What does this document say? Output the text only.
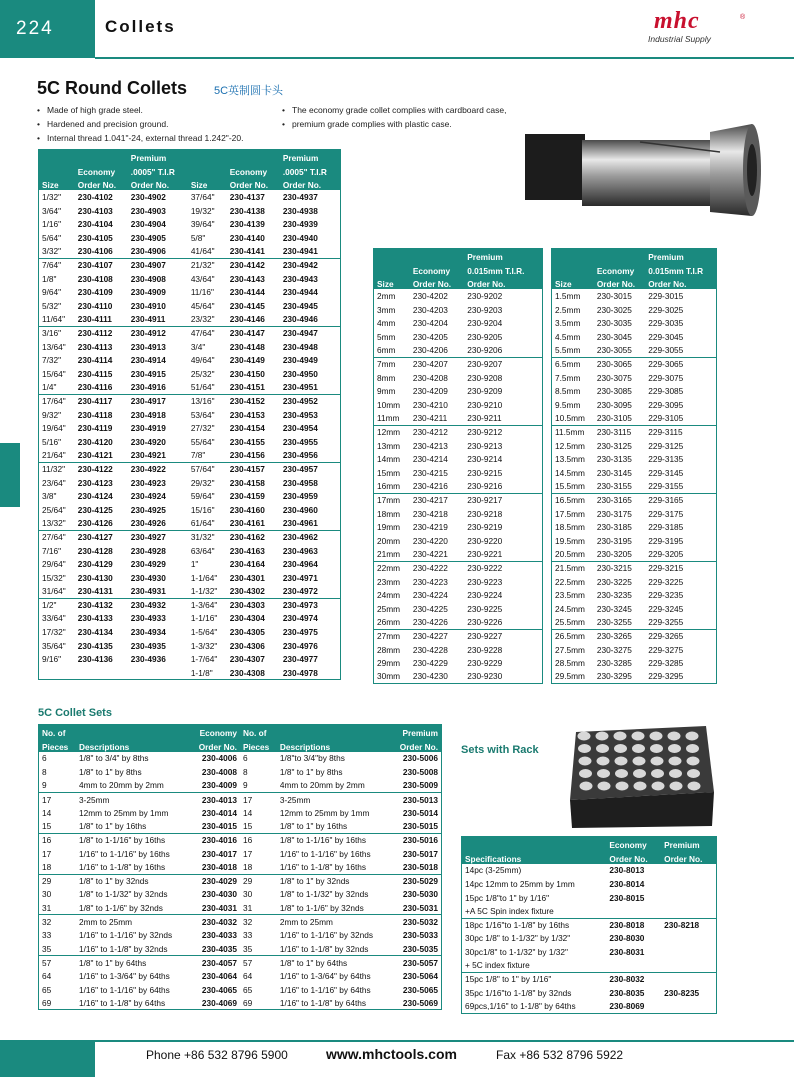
224	Collets	mhc	®
Industrial Supply
5C Round Collets 5C英制圆卡头
• Made of high grade steel.
• Hardened and precision ground.
• Internal thread 1.041"-24, external thread 1.242"-20.
• The economy grade collet complies with cardboard case,
• premium grade complies with plastic case.
		Premium			Premium
	Economy	.0005" T.I.R		Economy	.0005" T.I.R
Size	Order No.	Order No.	Size	Order No.	Order No.
1/32"	230-4102	230-4902	37/64"	230-4137	230-4937
3/64"	230-4103	230-4903	19/32"	230-4138	230-4938
1/16"	230-4104	230-4904	39/64"	230-4139	230-4939
5/64"	230-4105	230-4905	5/8"	230-4140	230-4940
3/32"	230-4106	230-4906	41/64"	230-4141	230-4941
7/64"	230-4107	230-4907	21/32"	230-4142	230-4942
1/8"	230-4108	230-4908	43/64"	230-4143	230-4943
9/64"	230-4109	230-4909	11/16"	230-4144	230-4944
5/32"	230-4110	230-4910	45/64"	230-4145	230-4945
11/64"	230-4111	230-4911	23/32"	230-4146	230-4946
3/16"	230-4112	230-4912	47/64"	230-4147	230-4947
13/64"	230-4113	230-4913	3/4"	230-4148	230-4948
7/32"	230-4114	230-4914	49/64"	230-4149	230-4949
15/64"	230-4115	230-4915	25/32"	230-4150	230-4950
1/4"	230-4116	230-4916	51/64"	230-4151	230-4951
17/64"	230-4117	230-4917	13/16"	230-4152	230-4952
9/32"	230-4118	230-4918	53/64"	230-4153	230-4953
19/64"	230-4119	230-4919	27/32"	230-4154	230-4954
5/16"	230-4120	230-4920	55/64"	230-4155	230-4955
21/64"	230-4121	230-4921	7/8"	230-4156	230-4956
11/32"	230-4122	230-4922	57/64"	230-4157	230-4957
23/64"	230-4123	230-4923	29/32"	230-4158	230-4958
3/8"	230-4124	230-4924	59/64"	230-4159	230-4959
25/64"	230-4125	230-4925	15/16"	230-4160	230-4960
13/32"	230-4126	230-4926	61/64"	230-4161	230-4961
27/64"	230-4127	230-4927	31/32"	230-4162	230-4962
7/16"	230-4128	230-4928	63/64"	230-4163	230-4963
29/64"	230-4129	230-4929	1"	230-4164	230-4964
15/32"	230-4130	230-4930	1-1/64"	230-4301	230-4971
31/64"	230-4131	230-4931	1-1/32"	230-4302	230-4972
1/2"	230-4132	230-4932	1-3/64"	230-4303	230-4973
33/64"	230-4133	230-4933	1-1/16"	230-4304	230-4974
17/32"	230-4134	230-4934	1-5/64"	230-4305	230-4975
35/64"	230-4135	230-4935	1-3/32"	230-4306	230-4976
9/16"	230-4136	230-4936	1-7/64"	230-4307	230-4977
			1-1/8"	230-4308	230-4978
		Premium
	Economy	0.015mm T.I.R.
Size	Order No.	Order No.
2mm	230-4202	230-9202
3mm	230-4203	230-9203
4mm	230-4204	230-9204
5mm	230-4205	230-9205
6mm	230-4206	230-9206
7mm	230-4207	230-9207
8mm	230-4208	230-9208
9mm	230-4209	230-9209
10mm	230-4210	230-9210
11mm	230-4211	230-9211
12mm	230-4212	230-9212
13mm	230-4213	230-9213
14mm	230-4214	230-9214
15mm	230-4215	230-9215
16mm	230-4216	230-9216
17mm	230-4217	230-9217
18mm	230-4218	230-9218
19mm	230-4219	230-9219
20mm	230-4220	230-9220
21mm	230-4221	230-9221
22mm	230-4222	230-9222
23mm	230-4223	230-9223
24mm	230-4224	230-9224
25mm	230-4225	230-9225
26mm	230-4226	230-9226
27mm	230-4227	230-9227
28mm	230-4228	230-9228
29mm	230-4229	230-9229
30mm	230-4230	230-9230
		Premium
	Economy	0.015mm T.I.R
Size	Order No.	Order No.
1.5mm	230-3015	229-3015
2.5mm	230-3025	229-3025
3.5mm	230-3035	229-3035
4.5mm	230-3045	229-3045
5.5mm	230-3055	229-3055
6.5mm	230-3065	229-3065
7.5mm	230-3075	229-3075
8.5mm	230-3085	229-3085
9.5mm	230-3095	229-3095
10.5mm	230-3105	229-3105
11.5mm	230-3115	229-3115
12.5mm	230-3125	229-3125
13.5mm	230-3135	229-3135
14.5mm	230-3145	229-3145
15.5mm	230-3155	229-3155
16.5mm	230-3165	229-3165
17.5mm	230-3175	229-3175
18.5mm	230-3185	229-3185
19.5mm	230-3195	229-3195
20.5mm	230-3205	229-3205
21.5mm	230-3215	229-3215
22.5mm	230-3225	229-3225
23.5mm	230-3235	229-3235
24.5mm	230-3245	229-3245
25.5mm	230-3255	229-3255
26.5mm	230-3265	229-3265
27.5mm	230-3275	229-3275
28.5mm	230-3285	229-3285
29.5mm	230-3295	229-3295
5C Collet Sets
No. of		Economy	No. of		Premium
Pieces	Descriptions	Order No.	Pieces	Descriptions	Order No.
6	1/8" to 3/4" by 8ths	230-4006	6	1/8"to 3/4"by 8ths	230-5006
8	1/8" to 1" by 8ths	230-4008	8	1/8" to 1" by 8ths	230-5008
9	4mm to 20mm by 2mm	230-4009	9	4mm to 20mm by 2mm	230-5009
17	3-25mm	230-4013	17	3-25mm	230-5013
14	12mm to 25mm by 1mm	230-4014	14	12mm to 25mm by 1mm	230-5014
15	1/8" to 1" by 16ths	230-4015	15	1/8" to 1" by 16ths	230-5015
16	1/8" to 1-1/16" by 16ths	230-4016	16	1/8" to 1-1/16" by 16ths	230-5016
17	1/16" to 1-1/16" by 16ths	230-4017	17	1/16" to 1-1/16" by 16ths	230-5017
18	1/16" to 1-1/8" by 16ths	230-4018	18	1/16" to 1-1/8" by 16ths	230-5018
29	1/8" to 1" by 32nds	230-4029	29	1/8" to 1" by 32nds	230-5029
30	1/8" to 1-1/32" by 32nds	230-4030	30	1/8" to 1-1/32" by 32nds	230-5030
31	1/8" to 1-1/6" by 32nds	230-4031	31	1/8" to 1-1/6" by 32nds	230-5031
32	2mm to 25mm	230-4032	32	2mm to 25mm	230-5032
33	1/16" to 1-1/16" by 32nds	230-4033	33	1/16" to 1-1/16" by 32nds	230-5033
35	1/16" to 1-1/8" by 32nds	230-4035	35	1/16" to 1-1/8" by 32nds	230-5035
57	1/8" to 1" by 64ths	230-4057	57	1/8" to 1" by 64ths	230-5057
64	1/16" to 1-3/64" by 64ths	230-4064	64	1/16" to 1-3/64" by 64ths	230-5064
65	1/16" to 1-1/16" by 64ths	230-4065	65	1/16" to 1-1/16" by 64ths	230-5065
69	1/16" to 1-1/8" by 64ths	230-4069	69	1/16" to 1-1/8" by 64ths	230-5069
Sets with Rack
	Economy	Premium
Specifications	Order No.	Order No.
14pc (3-25mm)	230-8013	
14pc 12mm to 25mm by 1mm	230-8014	
15pc 1/8"to 1" by 1/16"	230-8015	
+A 5C Spin index fixture		
18pc 1/16"to 1-1/8" by 16ths	230-8018	230-8218
30pc 1/8" to 1-1/32" by 1/32"	230-8030	
30pc1/8" to 1-1/32" by 1/32"	230-8031	
+ 5C index fixture		
15pc 1/8" to 1" by 1/16"	230-8032	
35pc 1/16"to 1-1/8" by 32nds	230-8035	230-8235
69pcs,1/16" to 1-1/8" by 64ths	230-8069	
Phone +86 532 8796 5900	www.mhctools.com	Fax +86 532 8796 5922
